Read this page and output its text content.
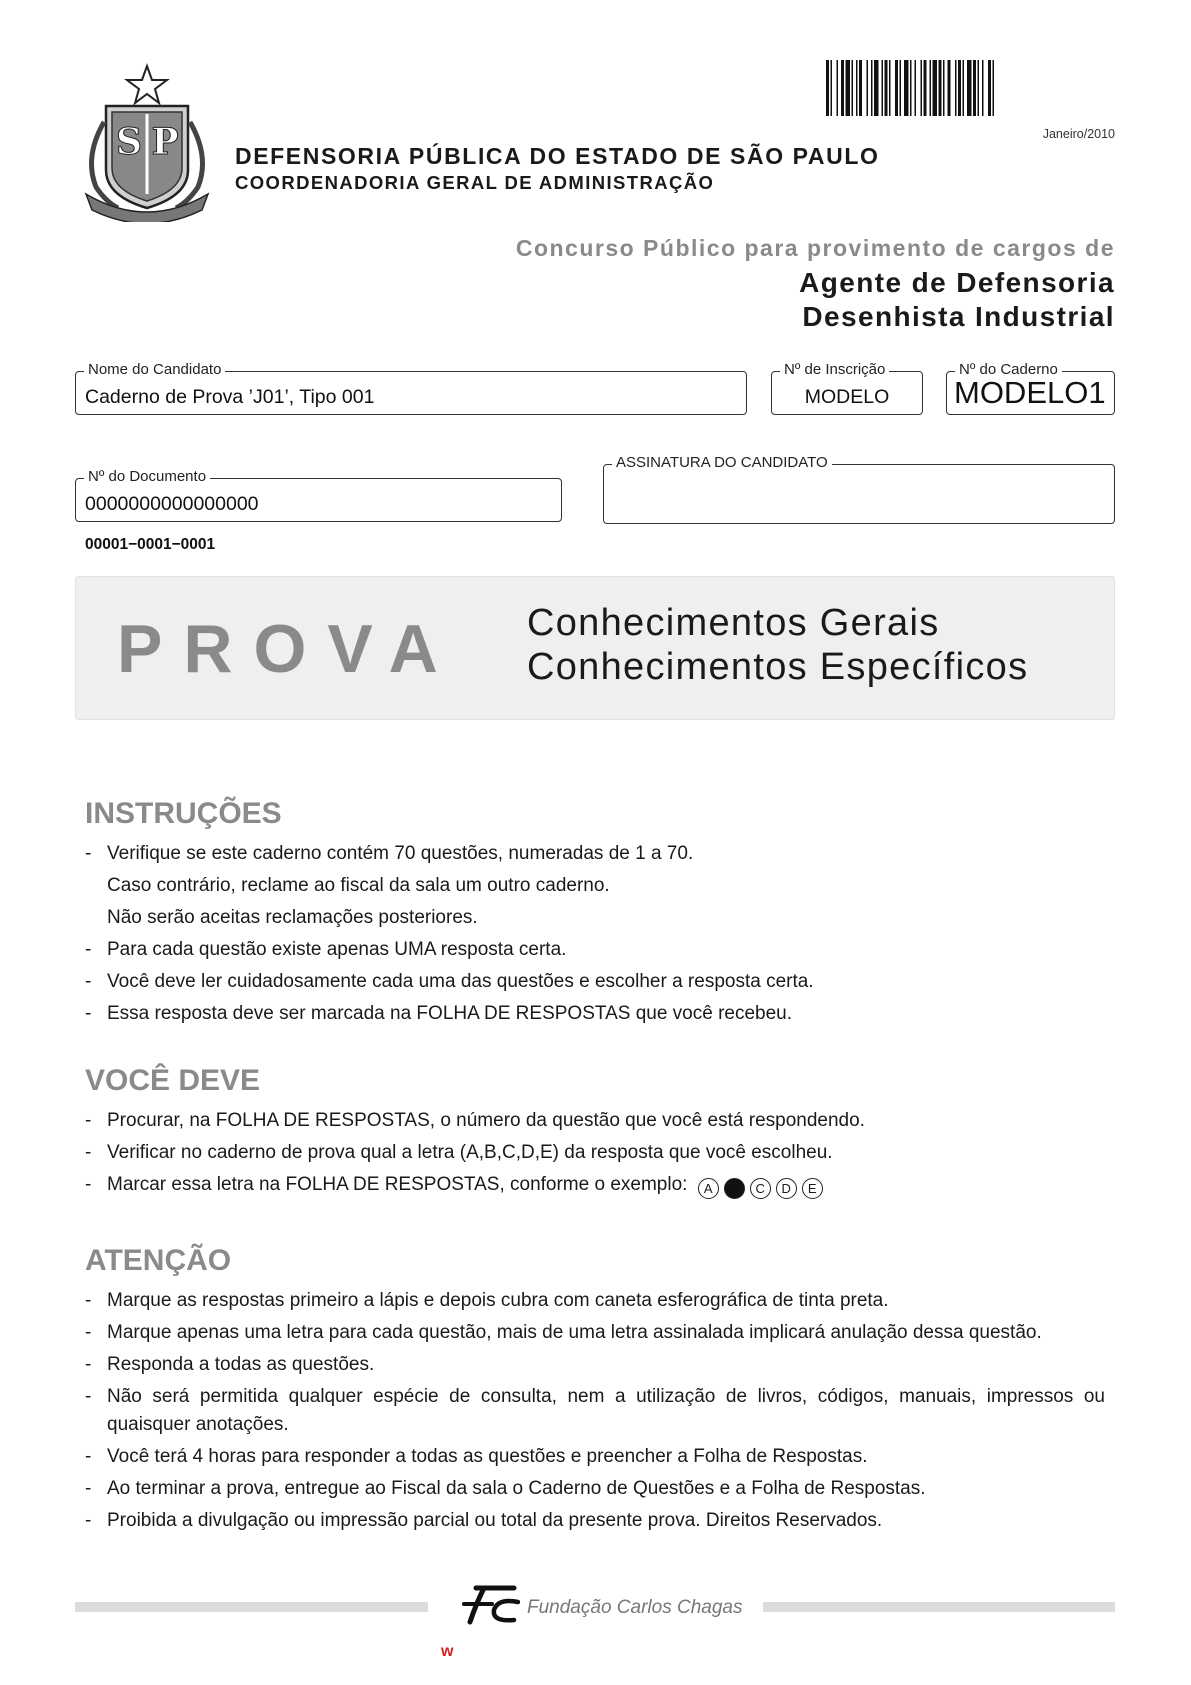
S P DEFENSORIA PÚBLICA DO ESTADO DE SÃO PAULO
COORDENADORIA GERAL DE ADMINISTRAÇÃO
Janeiro/2010
Concurso Público para provimento de cargos de
Agente de Defensoria
Desenhista Industrial
Nome do Candidato
Caderno de Prova ’J01’, Tipo 001
Nº de Inscrição
MODELO
Nº do Caderno
MODELO1
Nº do Documento
0000000000000000
ASSINATURA DO CANDIDATO
00001−0001−0001
PROVA Conhecimentos Gerais
Conhecimentos Específicos
INSTRUÇÕES
- Verifique se este caderno contém 70 questões, numeradas de 1 a 70.
Caso contrário, reclame ao fiscal da sala um outro caderno.
Não serão aceitas reclamações posteriores.
- Para cada questão existe apenas UMA resposta certa.
- Você deve ler cuidadosamente cada uma das questões e escolher a resposta certa.
- Essa resposta deve ser marcada na FOLHA DE RESPOSTAS que você recebeu.
VOCÊ DEVE
- Procurar, na FOLHA DE RESPOSTAS, o número da questão que você está respondendo.
- Verificar no caderno de prova qual a letra (A,B,C,D,E) da resposta que você escolheu.
- Marcar essa letra na FOLHA DE RESPOSTAS, conforme o exemplo: A B C D E
ATENÇÃO
- Marque as respostas primeiro a lápis e depois cubra com caneta esferográfica de tinta preta.
- Marque apenas uma letra para cada questão, mais de uma letra assinalada implicará anulação dessa questão.
- Responda a todas as questões.
- Não será permitida qualquer espécie de consulta, nem a utilização de livros, códigos, manuais, impressos ou quaisquer anotações.
- Você terá 4 horas para responder a todas as questões e preencher a Folha de Respostas.
- Ao terminar a prova, entregue ao Fiscal da sala o Caderno de Questões e a Folha de Respostas.
- Proibida a divulgação ou impressão parcial ou total da presente prova. Direitos Reservados.
Fundação Carlos Chagas
w
